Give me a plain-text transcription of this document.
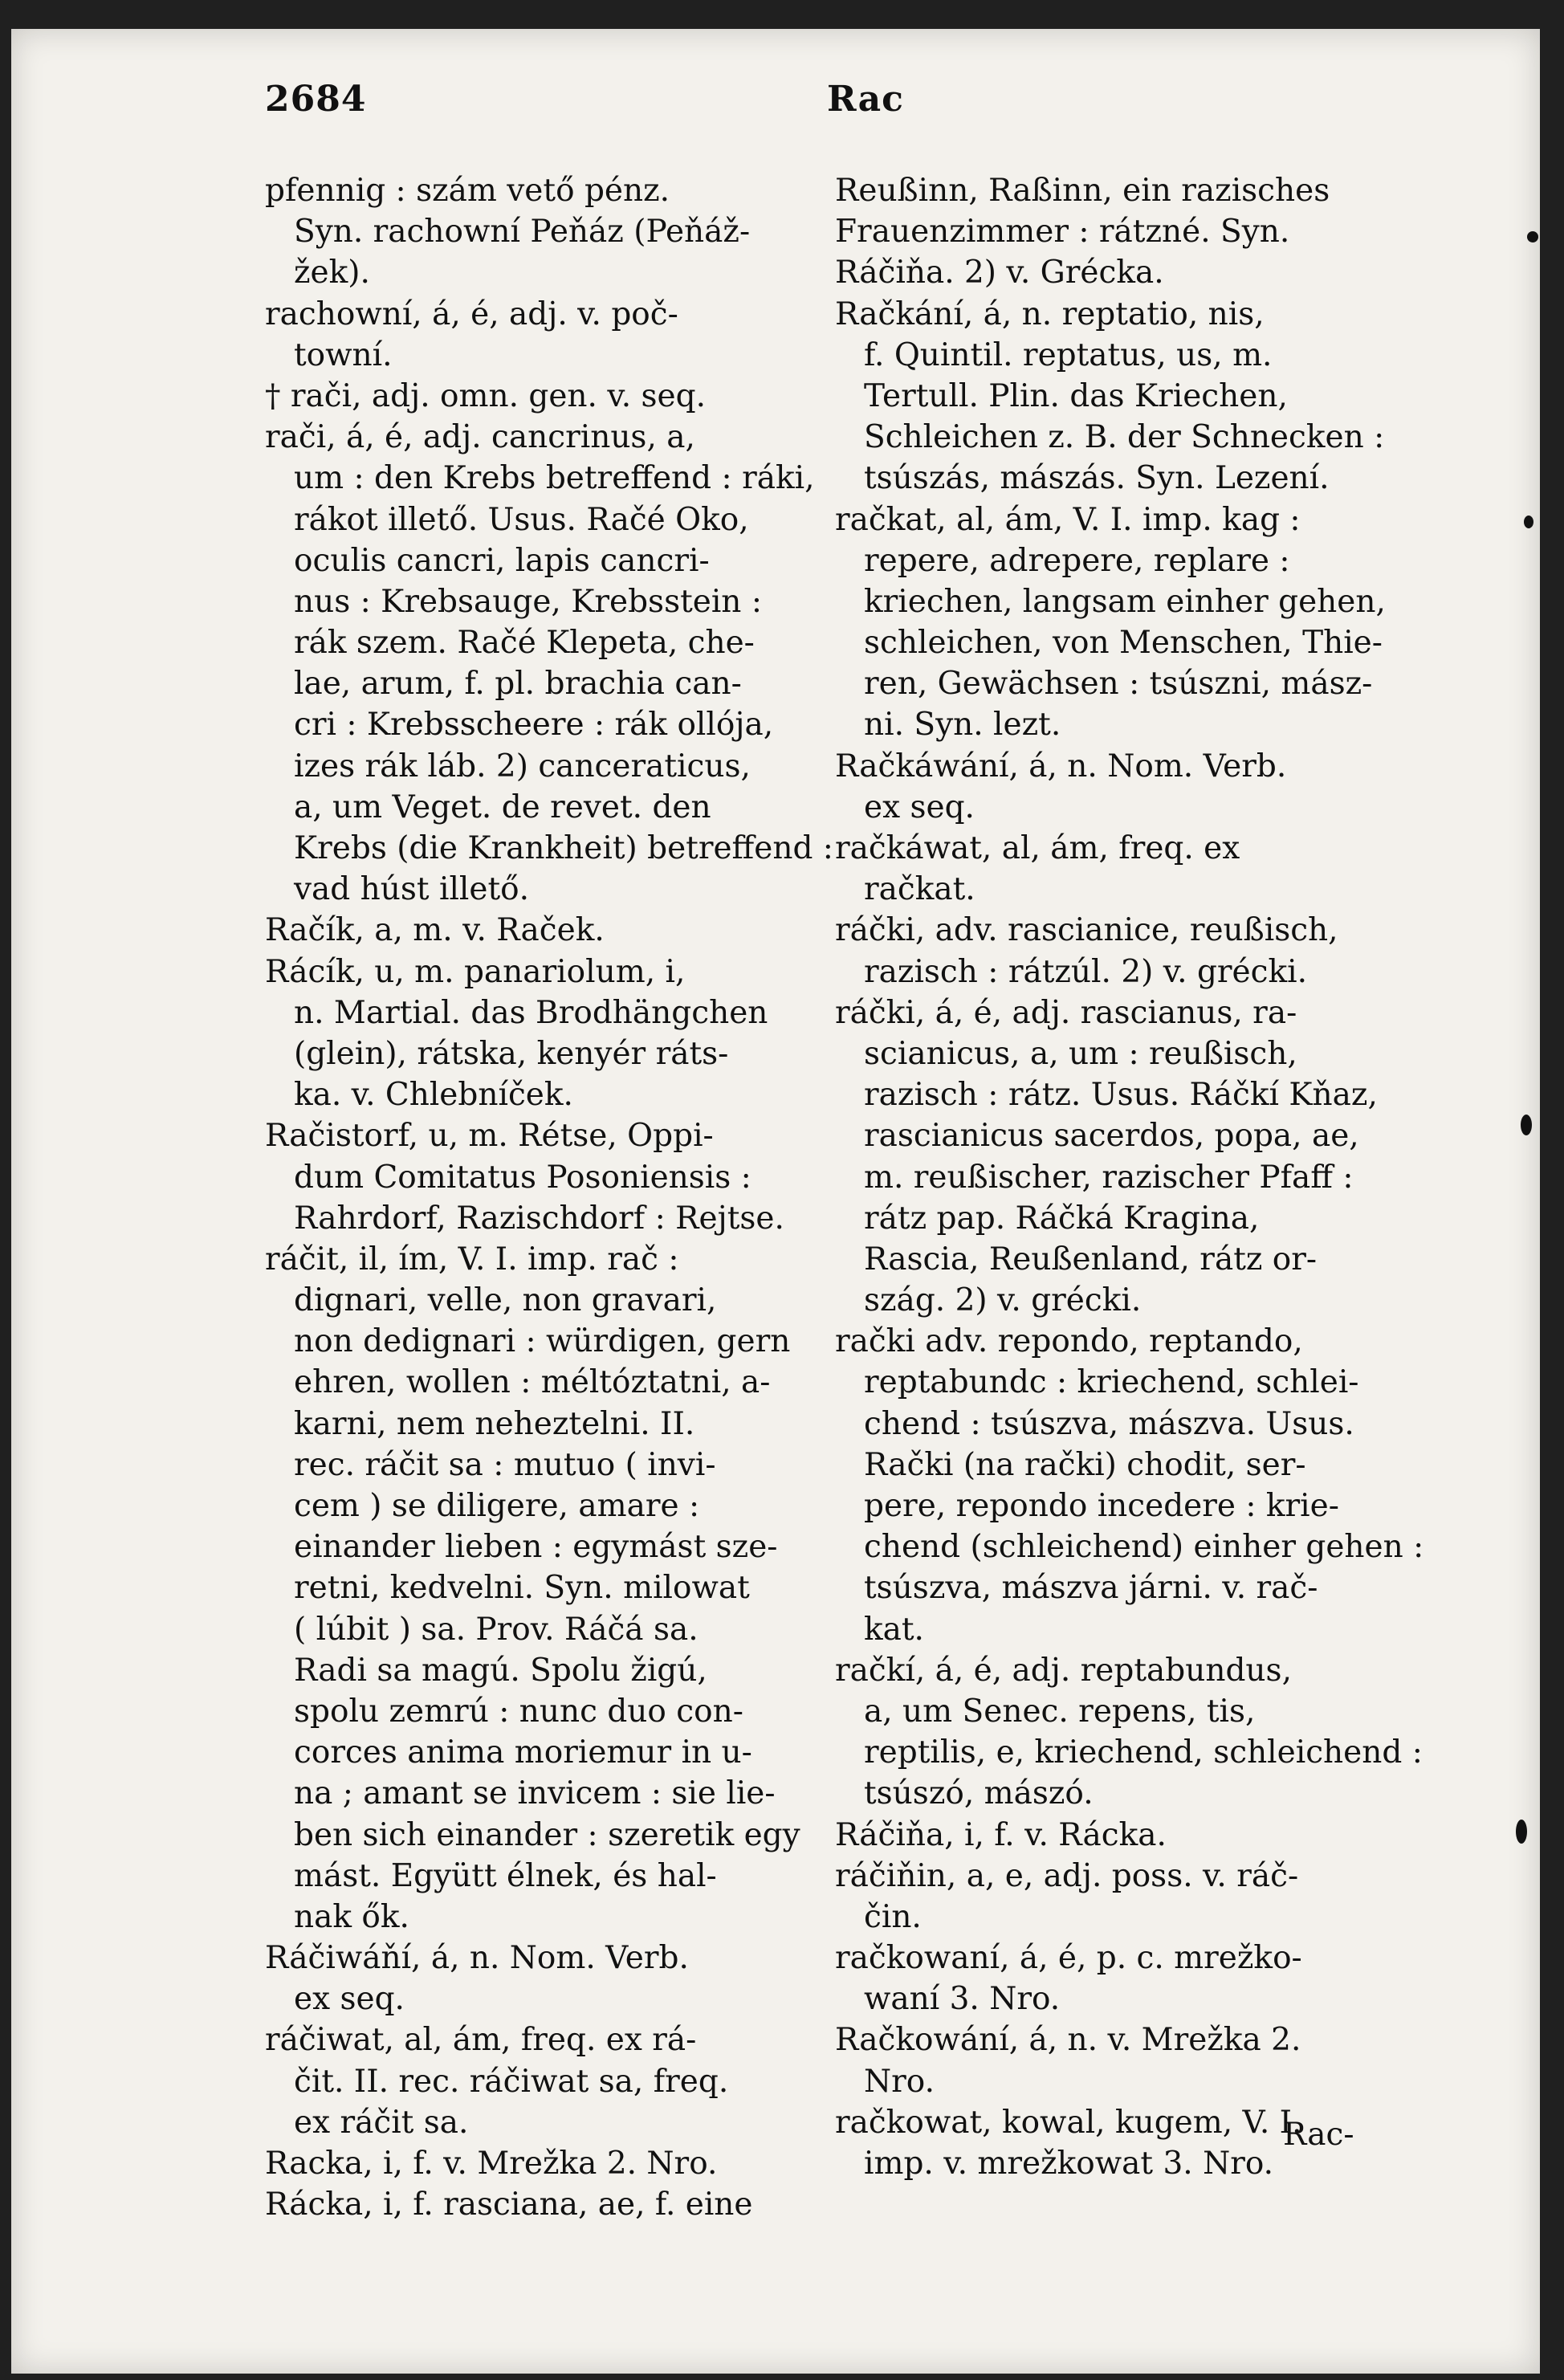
2684	Rac
pfennig : szám vető pénz.
Syn. rachowní Peňáz (Peňáž-
žek).
rachowní, á, é, adj. v. poč-
towní.
† rači, adj. omn. gen. v. seq.
rači, á, é, adj. cancrinus, a,
um : den Krebs betreffend : ráki,
rákot illető. Usus. Račé Oko,
oculis cancri, lapis cancri-
nus : Krebsauge, Krebsstein :
rák szem. Račé Klepeta, che-
lae, arum, f. pl. brachia can-
cri : Krebsscheere : rák ollója,
izes rák láb. 2) canceraticus,
a, um Veget. de revet. den
Krebs (die Krankheit) betreffend :
vad húst illető.
Račík, a, m. v. Raček.
Rácík, u, m. panariolum, i,
n. Martial. das Brodhängchen
(glein), rátska, kenyér ráts-
ka. v. Chlebníček.
Račistorf, u, m. Rétse, Oppi-
dum Comitatus Posoniensis :
Rahrdorf, Razischdorf : Rejtse.
ráčit, il, ím, V. I. imp. rač :
dignari, velle, non gravari,
non dedignari : würdigen, gern
ehren, wollen : méltóztatni, a-
karni, nem neheztelni. II.
rec. ráčit sa : mutuo ( invi-
cem ) se diligere, amare :
einander lieben : egymást sze-
retni, kedvelni. Syn. milowat
( lúbit ) sa. Prov. Ráčá sa.
Radi sa magú. Spolu žigú,
spolu zemrú : nunc duo con-
corces anima moriemur in u-
na ; amant se invicem : sie lie-
ben sich einander : szeretik egy
mást. Együtt élnek, és hal-
nak ők.
Ráčiwáňí, á, n. Nom. Verb.
ex seq.
ráčiwat, al, ám, freq. ex rá-
čit. II. rec. ráčiwat sa, freq.
ex ráčit sa.
Racka, i, f. v. Mrežka 2. Nro.
Rácka, i, f. rasciana, ae, f. eine
Reußinn, Raßinn, ein razisches
Frauenzimmer : rátzné. Syn.
Ráčiňa. 2) v. Grécka.
Račkání, á, n. reptatio, nis,
f. Quintil. reptatus, us, m.
Tertull. Plin. das Kriechen,
Schleichen z. B. der Schnecken :
tsúszás, mászás. Syn. Lezení.
račkat, al, ám, V. I. imp. kag :
repere, adrepere, replare :
kriechen, langsam einher gehen,
schleichen, von Menschen, Thie-
ren, Gewächsen : tsúszni, mász-
ni. Syn. lezt.
Račkáwání, á, n. Nom. Verb.
ex seq.
račkáwat, al, ám, freq. ex
račkat.
ráčki, adv. rascianice, reußisch,
razisch : rátzúl. 2) v. grécki.
ráčki, á, é, adj. rascianus, ra-
scianicus, a, um : reußisch,
razisch : rátz. Usus. Ráčkí Kňaz,
rascianicus sacerdos, popa, ae,
m. reußischer, razischer Pfaff :
rátz pap. Ráčká Kragina,
Rascia, Reußenland, rátz or-
szág. 2) v. grécki.
rački adv. repondo, reptando,
reptabundc : kriechend, schlei-
chend : tsúszva, mászva. Usus.
Rački (na rački) chodit, ser-
pere, repondo incedere : krie-
chend (schleichend) einher gehen :
tsúszva, mászva járni. v. rač-
kat.
račkí, á, é, adj. reptabundus,
a, um Senec. repens, tis,
reptilis, e, kriechend, schleichend :
tsúszó, mászó.
Ráčiňa, i, f. v. Rácka.
ráčiňin, a, e, adj. poss. v. ráč-
čin.
račkowaní, á, é, p. c. mrežko-
waní 3. Nro.
Račkowání, á, n. v. Mrežka 2.
Nro.
račkowat, kowal, kugem, V. I.
imp. v. mrežkowat 3. Nro.
Rac-
